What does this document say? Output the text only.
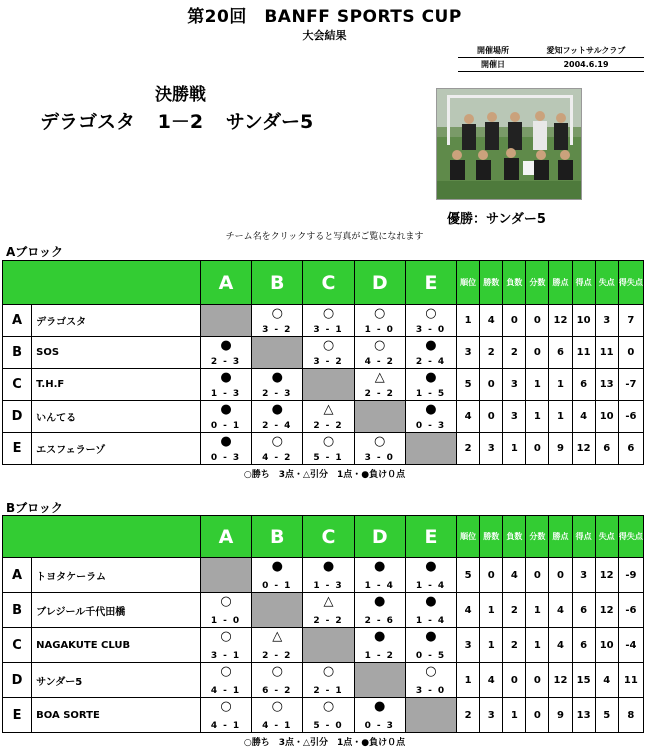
第20回　BANFF SPORTS CUP
大会結果
開催場所	愛知フットサルクラブ
開催日	2004.6.19
決勝戦
デラゴスタ 1－2 サンダー5
優勝：サンダー5
チーム名をクリックすると写真がご覧になれます
Aブロック
		A	B	C	D	E	順位	勝数	負数	分数	勝点	得点	失点	得失点
A	デラゴスタ		○
3-2	○
3-1	○
1-0	○
3-0	1	4	0	0	12	10	3	7
B	SOS	●
2-3		○
3-2	○
4-2	●
2-4	3	2	2	0	6	11	11	0
C	T.H.F	●
1-3	●
2-3		△
2-2	●
1-5	5	0	3	1	1	6	13	-7
D	いんてる	●
0-1	●
2-4	△
2-2		●
0-3	4	0	3	1	1	4	10	-6
E	エスフェラーゾ	●
0-3	○
4-2	○
5-1	○
3-0		2	3	1	0	9	12	6	6
○勝ち　3点・△引分　1点・●負け０点
Bブロック
		A	B	C	D	E	順位	勝数	負数	分数	勝点	得点	失点	得失点
A	トヨタケーラム		●
0-1	●
1-3	●
1-4	●
1-4	5	0	4	0	0	3	12	-9
B	ブレジール千代田橋	○
1-0		△
2-2	●
2-6	●
1-4	4	1	2	1	4	6	12	-6
C	NAGAKUTE CLUB	○
3-1	△
2-2		●
1-2	●
0-5	3	1	2	1	4	6	10	-4
D	サンダー5	○
4-1	○
6-2	○
2-1		○
3-0	1	4	0	0	12	15	4	11
E	BOA SORTE	○
4-1	○
4-1	○
5-0	●
0-3		2	3	1	0	9	13	5	8
○勝ち　3点・△引分　1点・●負け０点
